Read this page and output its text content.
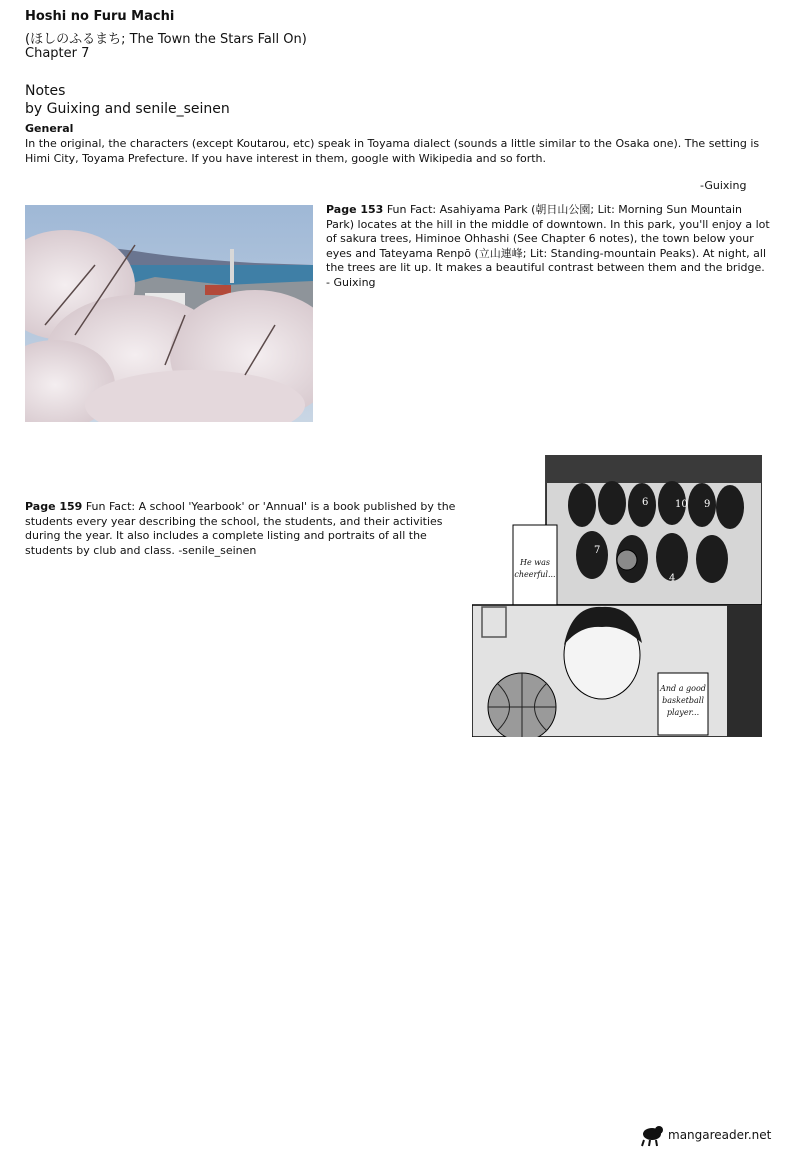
Hoshi no Furu Machi
(ほしのふるまち; The Town the Stars Fall On)
Chapter 7
Notes
by Guixing and senile_seinen
General
In the original, the characters (except Koutarou, etc) speak in Toyama dialect (sounds a little similar to the Osaka one). The setting is Himi City, Toyama Prefecture. If you have interest in them, google with Wikipedia and so forth.
-Guixing
Page 153 Fun Fact: Asahiyama Park (朝日山公園; Lit: Morning Sun Mountain Park) locates at the hill in the middle of downtown. In this park, you'll enjoy a lot of sakura trees, Himinoe Ohhashi (See Chapter 6 notes), the town below your eyes and Tateyama Renpō (立山連峰; Lit: Standing-mountain Peaks). At night, all the trees are lit up. It makes a beautiful contrast between them and the bridge. - Guixing
Page 159 Fun Fact: A school 'Yearbook' or 'Annual' is a book published by the students every year describing the school, the students, and their activities during the year. It also includes a complete listing and portraits of all the students by club and class. -senile_seinen
6	10 9
7
4
He was
cheerful...
And a good
basketball
player...
mangareader.net
